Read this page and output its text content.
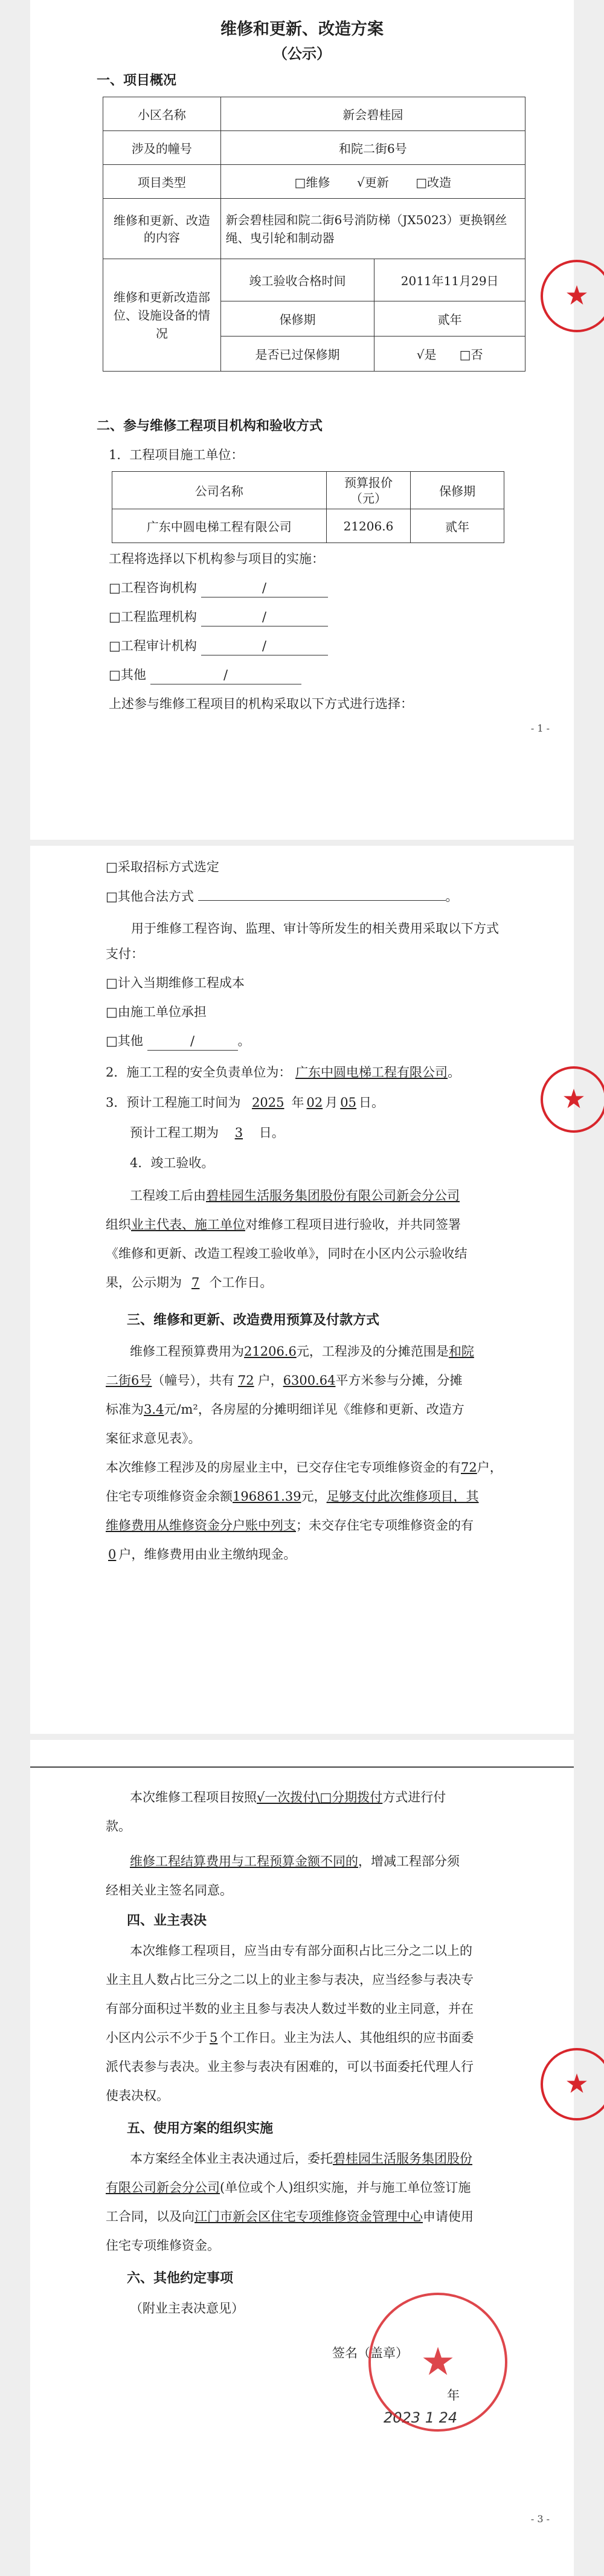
维修和更新、改造方案
（公示）
一、项目概况
小区名称	新会碧桂园	
涉及的幢号	和院二街6号	
项目类型	□维修 √更新 □改造	
维修和更新、改造的内容	新会碧桂园和院二街6号消防梯（JX5023）更换钢丝绳、曳引轮和制动器	
维修和更新改造部位、设施设备的情况	竣工验收合格时间	2011年11月29日
	保修期	贰年
	是否已过保修期	√是 □否
二、参与维修工程项目机构和验收方式
1．工程项目施工单位：
公司名称	预算报价（元）	保修期
广东中圆电梯工程有限公司	21206.6	贰年
工程将选择以下机构参与项目的实施：
□工程咨询机构	/
□工程监理机构	/
□工程审计机构	/
□其他	/
上述参与维修工程项目的机构采取以下方式进行选择：
- 1 -
★
□采取招标方式选定
□其他合法方式	。
用于维修工程咨询、监理、审计等所发生的相关费用采取以下方式支付：
□计入当期维修工程成本
□由施工单位承担
□其他	/	。
2．施工工程的安全负责单位为： 广东中圆电梯工程有限公司。
3．预计工程施工时间为 2025 年 02 月 05 日。
预计工程工期为 3 日。
4．竣工验收。
工程竣工后由碧桂园生活服务集团股份有限公司新会分公司
组织业主代表、施工单位对维修工程项目进行验收，并共同签署
《维修和更新、改造工程竣工验收单》，同时在小区内公示验收结
果，公示期为 7 个工作日。
三、维修和更新、改造费用预算及付款方式
维修工程预算费用为21206.6元，工程涉及的分摊范围是和院
二街6号（幢号），共有 72 户，6300.64平方米参与分摊，分摊
标准为3.4元/m²，各房屋的分摊明细详见《维修和更新、改造方
案征求意见表》。
本次维修工程涉及的房屋业主中，已交存住宅专项维修资金的有72户，
住宅专项维修资金余额196861.39元，足够支付此次维修项目，其
维修费用从维修资金分户账中列支；未交存住宅专项维修资金的有
0 户，维修费用由业主缴纳现金。
★
本次维修工程项目按照√一次拨付\□分期拨付方式进行付
款。
维修工程结算费用与工程预算金额不同的，增减工程部分须
经相关业主签名同意。
四、业主表决
本次维修工程项目，应当由专有部分面积占比三分之二以上的
业主且人数占比三分之二以上的业主参与表决，应当经参与表决专
有部分面积过半数的业主且参与表决人数过半数的业主同意，并在
小区内公示不少于 5 个工作日。业主为法人、其他组织的应书面委
派代表参与表决。业主参与表决有困难的，可以书面委托代理人行
使表决权。
五、使用方案的组织实施
本方案经全体业主表决通过后，委托碧桂园生活服务集团股份
有限公司新会分公司(单位或个人)组织实施，并与施工单位签订施
工合同，以及向江门市新会区住宅专项维修资金管理中心申请使用
住宅专项维修资金。
六、其他约定事项
（附业主表决意见）
签名（盖章）
年
2023 1 24
★
★
- 3 -
